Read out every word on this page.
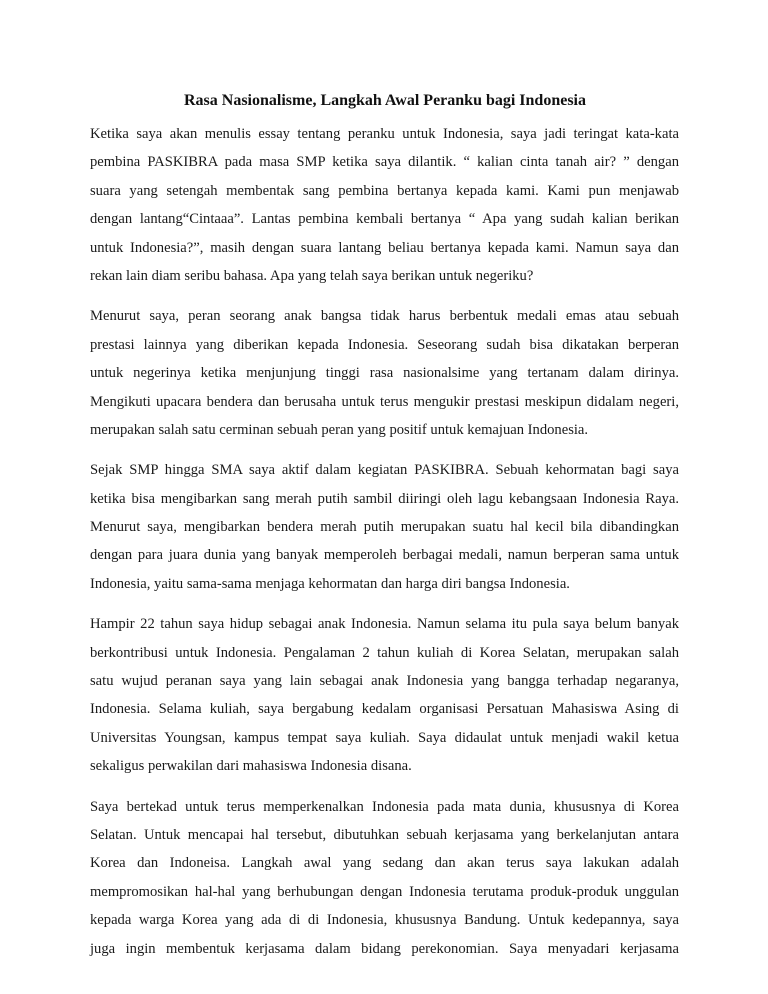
Rasa Nasionalisme, Langkah Awal Peranku bagi Indonesia

Ketika saya akan menulis essay tentang peranku untuk Indonesia, saya jadi teringat kata-kata
pembina PASKIBRA pada masa SMP ketika saya dilantik. “ kalian cinta tanah air? ” dengan
suara yang setengah membentak sang pembina bertanya kepada kami. Kami pun menjawab
dengan lantang“Cintaaa”. Lantas pembina kembali bertanya “ Apa yang sudah kalian berikan
untuk Indonesia?”, masih dengan suara lantang beliau bertanya kepada kami. Namun saya dan
rekan lain diam seribu bahasa. Apa yang telah saya berikan untuk negeriku?

Menurut saya, peran seorang anak bangsa tidak harus berbentuk medali emas atau sebuah
prestasi lainnya yang diberikan kepada Indonesia. Seseorang sudah bisa dikatakan berperan
untuk negerinya ketika menjunjung tinggi rasa nasionalsime yang tertanam dalam dirinya.
Mengikuti upacara bendera dan berusaha untuk terus mengukir prestasi meskipun didalam negeri,
merupakan salah satu cerminan sebuah peran yang positif untuk kemajuan Indonesia.

Sejak SMP hingga SMA saya aktif dalam kegiatan PASKIBRA. Sebuah kehormatan bagi saya
ketika bisa mengibarkan sang merah putih sambil diiringi oleh lagu kebangsaan Indonesia Raya.
Menurut saya, mengibarkan bendera merah putih merupakan suatu hal kecil bila dibandingkan
dengan para juara dunia yang banyak memperoleh berbagai medali, namun berperan sama untuk
Indonesia, yaitu sama-sama menjaga kehormatan dan harga diri bangsa Indonesia.

Hampir 22 tahun saya hidup sebagai anak Indonesia. Namun selama itu pula saya belum banyak
berkontribusi untuk Indonesia. Pengalaman 2 tahun kuliah di Korea Selatan, merupakan salah
satu wujud peranan saya yang lain sebagai anak Indonesia yang bangga terhadap negaranya,
Indonesia. Selama kuliah, saya bergabung kedalam organisasi Persatuan Mahasiswa Asing di
Universitas Youngsan, kampus tempat saya kuliah. Saya didaulat untuk menjadi wakil ketua
sekaligus perwakilan dari mahasiswa Indonesia disana.

Saya bertekad untuk terus memperkenalkan Indonesia pada mata dunia, khususnya di Korea
Selatan. Untuk mencapai hal tersebut, dibutuhkan sebuah kerjasama yang berkelanjutan antara
Korea dan Indoneisa. Langkah awal yang sedang dan akan terus saya lakukan adalah
mempromosikan hal-hal yang berhubungan dengan Indonesia terutama produk-produk unggulan
kepada warga Korea yang ada di di Indonesia, khususnya Bandung. Untuk kedepannya, saya
juga ingin membentuk kerjasama dalam bidang perekonomian. Saya menyadari kerjasama
